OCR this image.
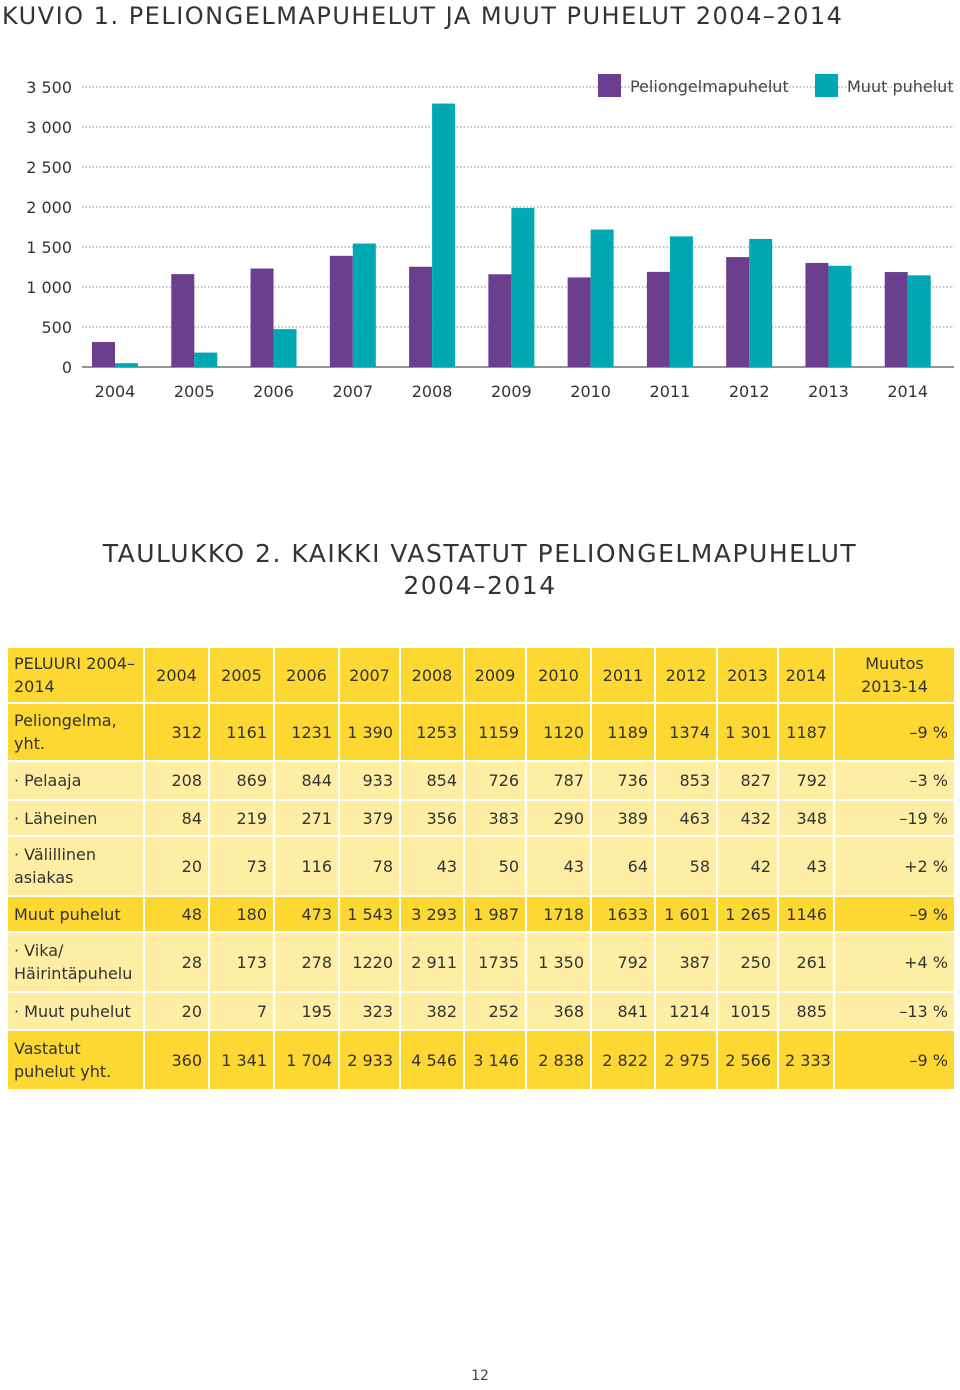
KUVIO 1. PELIONGELMAPUHELUT JA MUUT PUHELUT 2004–2014
3 500
3 000
2 500
2 000
1 500
1 000
500
0
2004 2005 2006 2007 2008 2009 2010 2011 2012 2013 2014
Peliongelmapuhelut	Muut puhelut
TAULUKKO 2. KAIKKI VASTATUT PELIONGELMAPUHELUT
2004–2014
PELUURI 2004–2014	2004	2005	2006	2007	2008	2009	2010	2011	2012	2013	2014	Muutos 2013-14
Peliongelma, yht.	312	1161	1231	1 390	1253	1159	1120	1189	1374	1 301	1187	–9 %
· Pelaaja	208	869	844	933	854	726	787	736	853	827	792	–3 %
· Läheinen	84	219	271	379	356	383	290	389	463	432	348	–19 %
· Välillinen asiakas	20	73	116	78	43	50	43	64	58	42	43	+2 %
Muut puhelut	48	180	473	1 543	3 293	1 987	1718	1633	1 601	1 265	1146	–9 %
· Vika/ Häirintäpuhelu	28	173	278	1220	2 911	1735	1 350	792	387	250	261	+4 %
· Muut puhelut	20	7	195	323	382	252	368	841	1214	1015	885	–13 %
Vastatut puhelut yht.	360	1 341	1 704	2 933	4 546	3 146	2 838	2 822	2 975	2 566	2 333	–9 %
12
